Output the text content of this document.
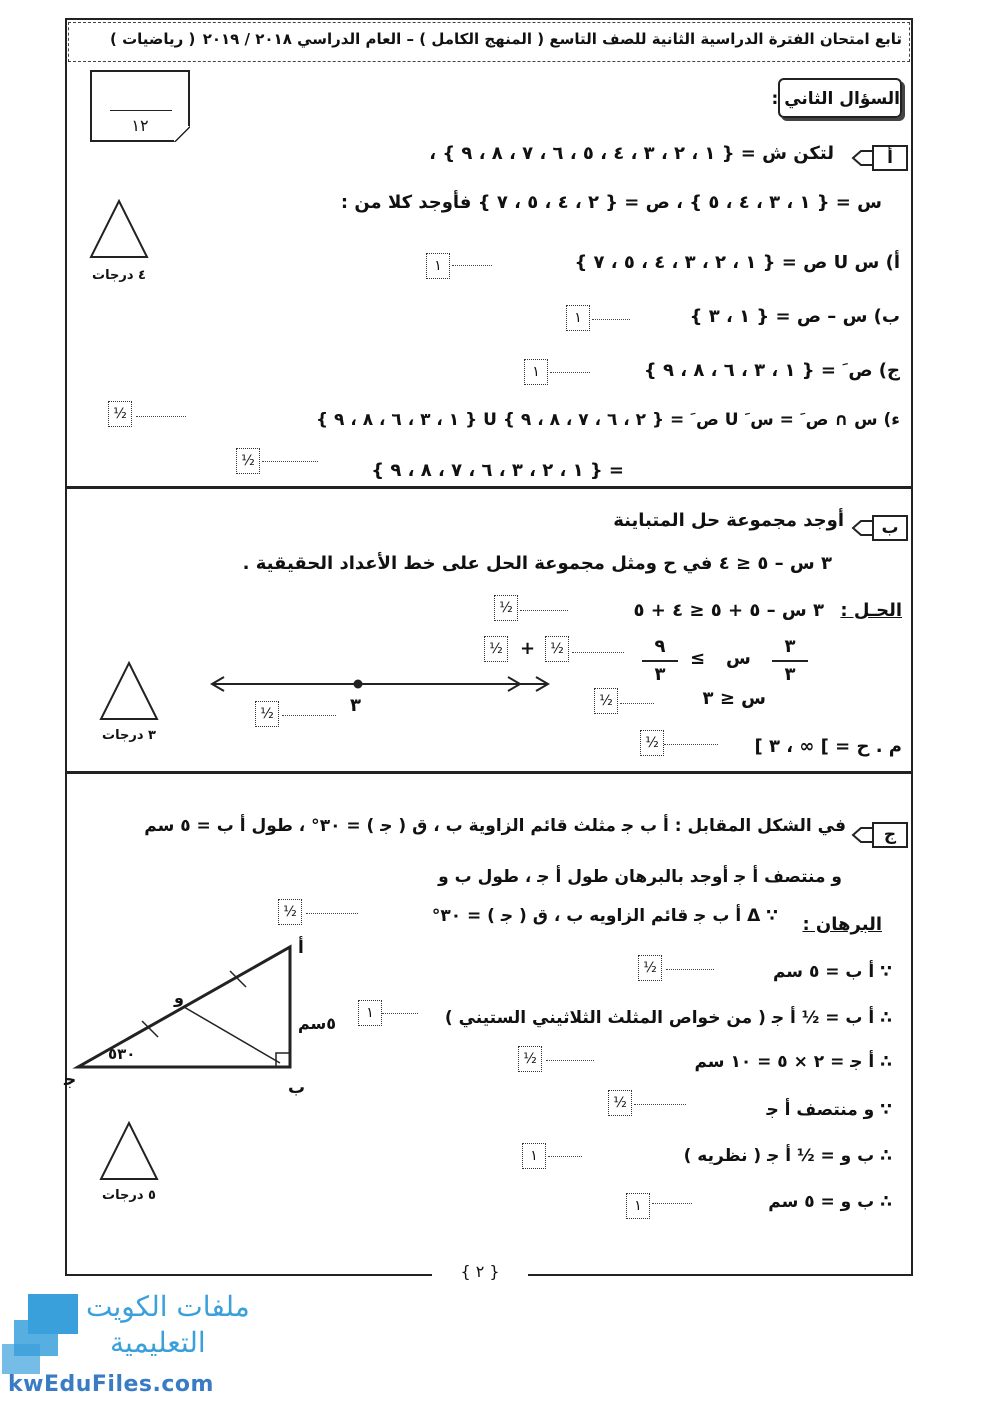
تابع امتحان الفترة الدراسية الثانية للصف التاسع ( المنهج الكامل ) – العام الدراسي ٢٠١٨ / ٢٠١٩
( رياضيات )
١٢
السؤال الثاني :
أ
لتكن ش = { ١ ، ٢ ، ٣ ، ٤ ، ٥ ، ٦ ، ٧ ، ٨ ، ٩ } ،
س = { ١ ، ٣ ، ٤ ، ٥ } ، ص = { ٢ ، ٤ ، ٥ ، ٧ } فأوجد كلا من :
ﺃ) س U ص = { ١ ، ٢ ، ٣ ، ٤ ، ٥ ، ٧ }
١
ب) س – ص = { ١ ، ٣ }
١
ج) ص َ = { ١ ، ٣ ، ٦ ، ٨ ، ٩ }
١
ء) س ∩ ص َ = س َ U ص َ = { ٢ ، ٦ ، ٧ ، ٨ ، ٩ } U { ١ ، ٣ ، ٦ ، ٨ ، ٩ }
½
= { ١ ، ٢ ، ٣ ، ٦ ، ٧ ، ٨ ، ٩ }
½
٤ درجات
ب
أوجد مجموعة حل المتباينة
٣ س – ٥ ≤ ٤ في ح ومثل مجموعة الحل على خط الأعداد الحقيقية .
الحـل :
٣ س – ٥ + ٥ ≤ ٤ + ٥
½
٣
٣
س
≤
٩
٣
½
+
½
س ≤ ٣
½
م . ح = ] ∞ ، ٣ ]
½
٣
½
٣ درجات
ج
في الشكل المقابل : ﺃ ب ﺟ مثلث قائم الزاوية ب ، ق ( ﺟ ) = ٣٠° ، طول ﺃ ب = ٥ سم
و منتصف ﺃ ﺟ أوجد بالبرهان طول ﺃ ﺟ ، طول ب و
البرهان :
∵ Δ ﺃ ب ﺟ قائم الزاويه ب ، ق ( ﺟ ) = ٣٠°
½
∵ ﺃ ب = ٥ سم
½
∴ ﺃ ب = ½ ﺃ ﺟ ( من خواص المثلث الثلاثيني الستيني )
١
∴ ﺃ ﺟ = ٢ × ٥ = ١٠ سم
½
∵ و منتصف ﺃ ﺟ
½
∴ ب و = ½ ﺃ ﺟ ( نظريه )
١
∴ ب و = ٥ سم
١
ﺃ
ب
ﺟ
و
٥سم
٥٣٠
٥ درجات
{ ٢ }
ملفات الكويت
التعليمية
kwEduFiles.com
